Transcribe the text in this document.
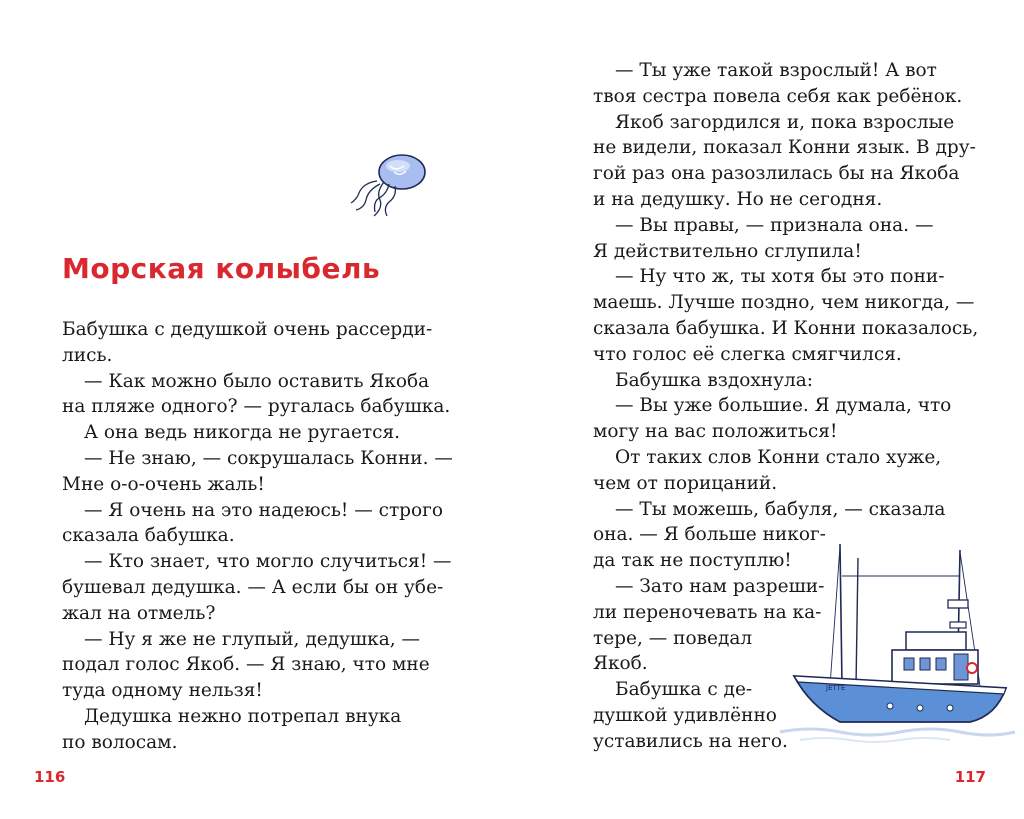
Морская колыбель

Бабушка с дедушкой очень рассерди-

лись.

— Как можно было оставить Якоба

на пляже одного? — ругалась бабушка.

А она ведь никогда не ругается.

— Не знаю, — сокрушалась Конни. —

Мне о-о-очень жаль!

— Я очень на это надеюсь! — строго

сказала бабушка.

— Кто знает, что могло случиться! —

бушевал дедушка. — А если бы он убе-

жал на отмель?

— Ну я же не глупый, дедушка, —

подал голос Якоб. — Я знаю, что мне

туда одному нельзя!

Дедушка нежно потрепал внука

по волосам.

116

— Ты уже такой взрослый! А вот

твоя сестра повела себя как ребёнок.

Якоб загордился и, пока взрослые

не видели, показал Конни язык. В дру-

гой раз она разозлилась бы на Якоба

и на дедушку. Но не сегодня.

— Вы правы, — признала она. —

Я действительно сглупила!

— Ну что ж, ты хотя бы это пони-

маешь. Лучше поздно, чем никогда, —

сказала бабушка. И Конни показалось,

что голос её слегка смягчился.

Бабушка вздохнула:

— Вы уже большие. Я думала, что

могу на вас положиться!

От таких слов Конни стало хуже,

чем от порицаний.

— Ты можешь, бабуля, — сказала

она. — Я больше никог-

да так не поступлю!

— Зато нам разреши-

ли переночевать на ка-

тере, — поведал

Якоб.

Бабушка с де-

душкой удивлённо

уставились на него.

JETTE
117
